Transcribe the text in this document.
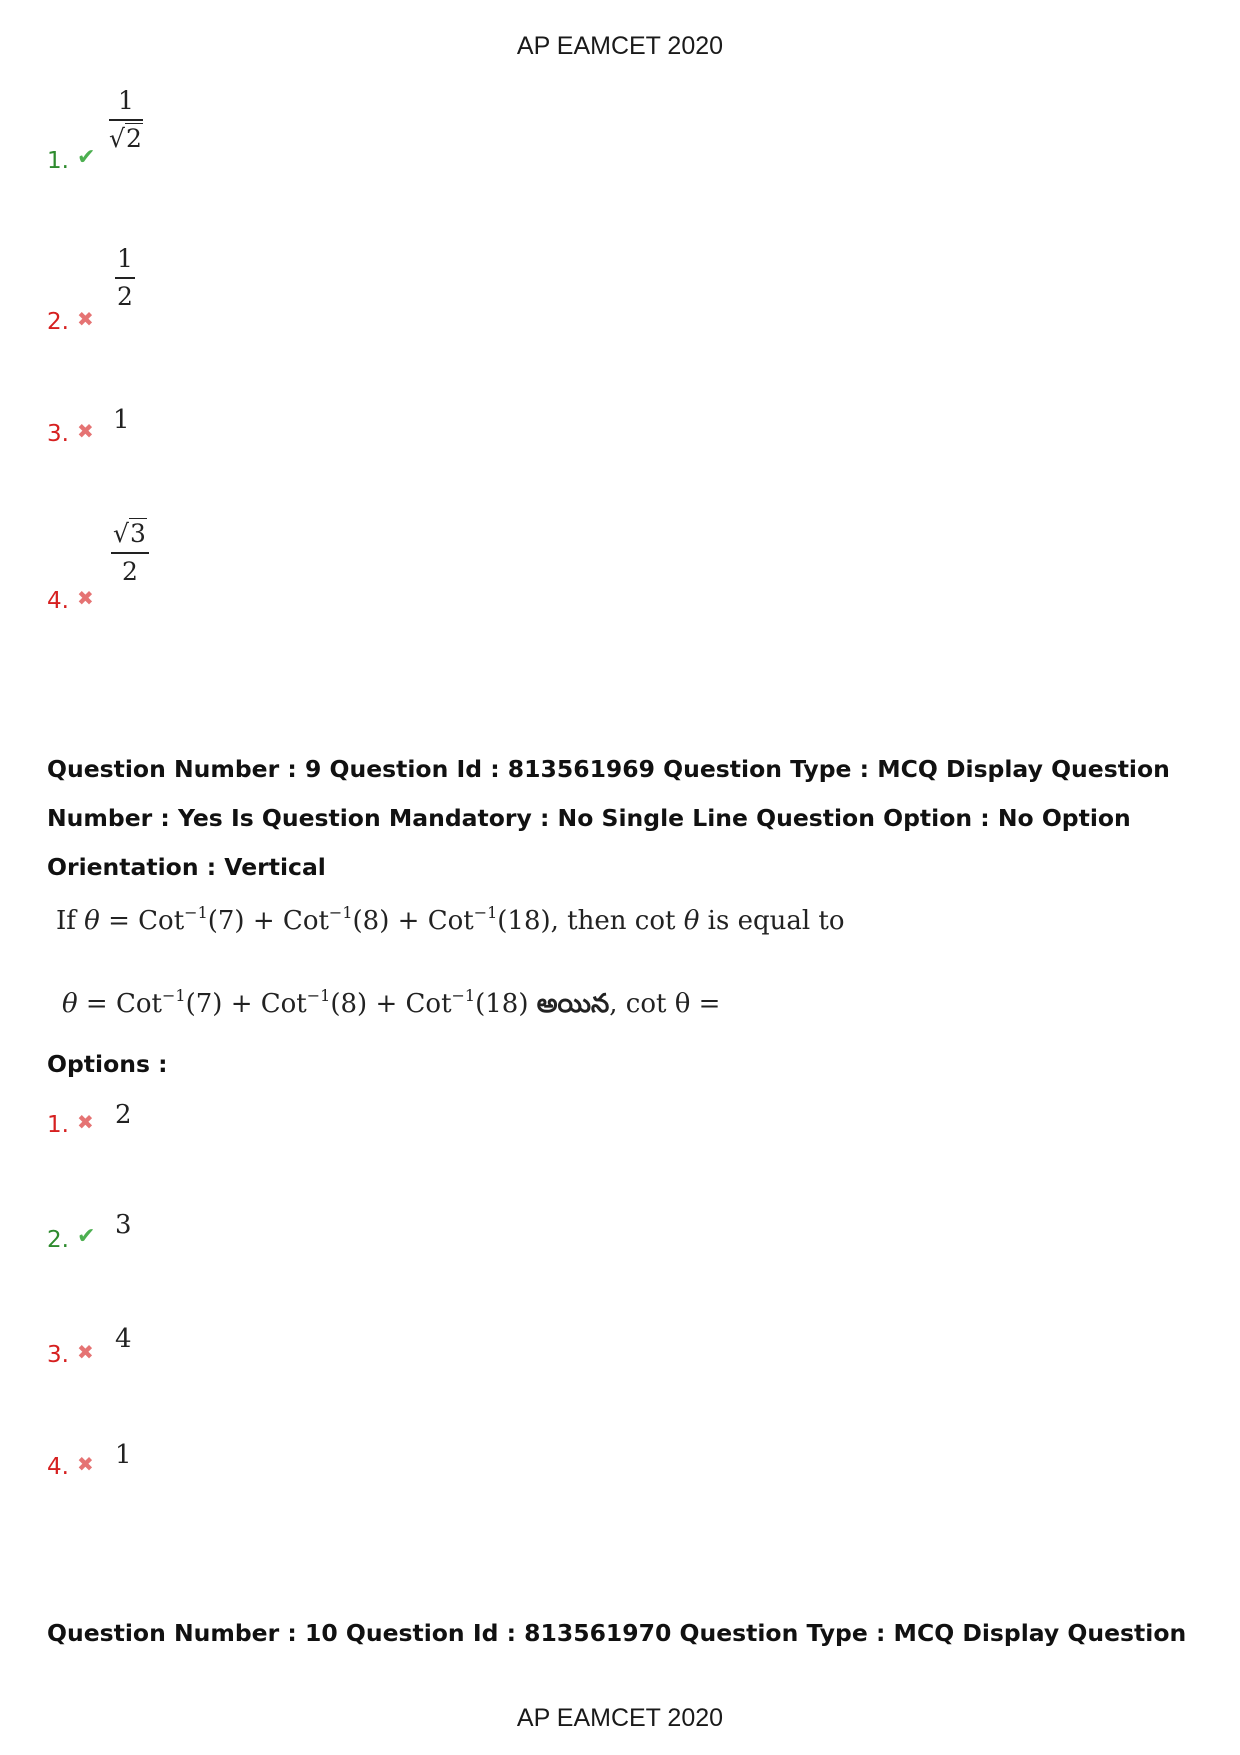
AP EAMCET 2020
1. ✔
1
√2
2. ✖
1
2
3. ✖ 1
4. ✖
√3
2
Question Number : 9 Question Id : 813561969 Question Type : MCQ Display Question Number : Yes Is Question Mandatory : No Single Line Question Option : No Option Orientation : Vertical
If θ = Cot$^{-1}$(7) + Cot$^{-1}$(8) + Cot$^{-1}$(18), then cot θ is equal to
θ = Cot$^{-1}$(7) + Cot$^{-1}$(8) + Cot$^{-1}$(18) అయిన, cot θ =
Options :
1. ✖ 2
2. ✔ 3
3. ✖ 4
4. ✖ 1
Question Number : 10 Question Id : 813561970 Question Type : MCQ Display Question
AP EAMCET 2020
